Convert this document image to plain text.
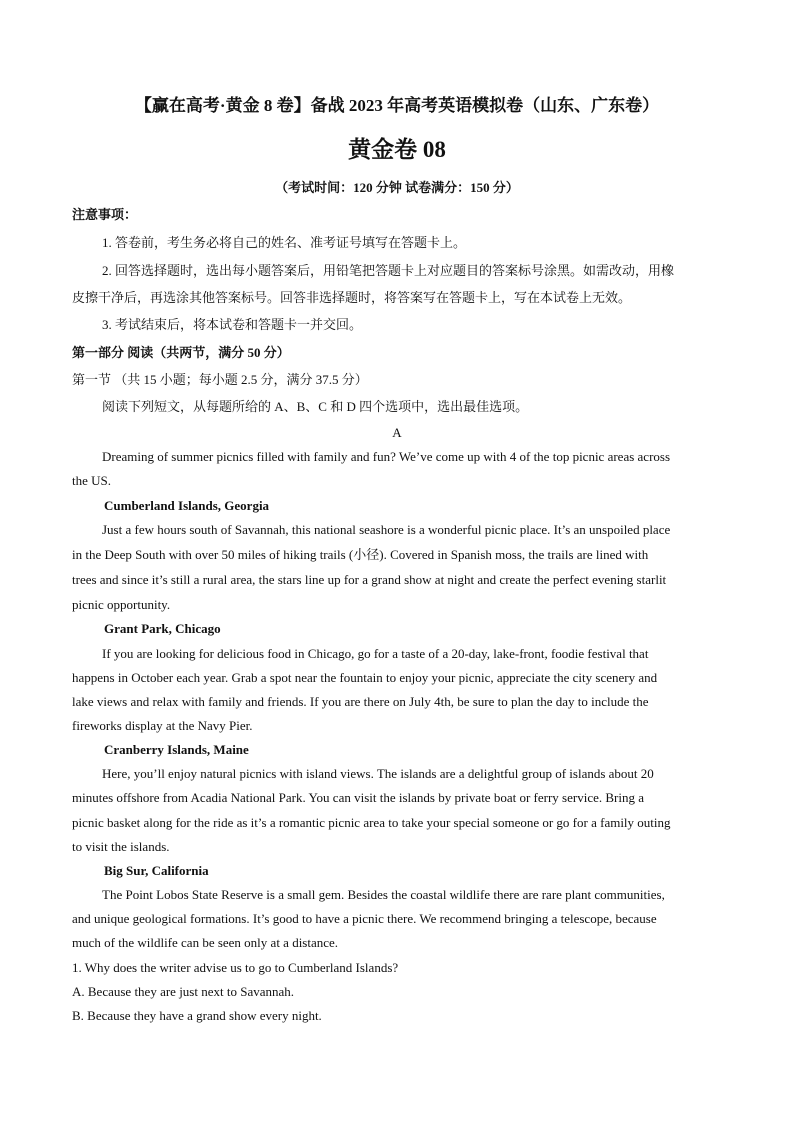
【赢在高考·黄金 8 卷】备战 2023 年高考英语模拟卷（山东、广东卷）
黄金卷 08
（考试时间：120 分钟 试卷满分：150 分）
注意事项：
1. 答卷前，考生务必将自己的姓名、准考证号填写在答题卡上。
2. 回答选择题时，选出每小题答案后，用铅笔把答题卡上对应题目的答案标号涂黑。如需改动，用橡
皮擦干净后，再选涂其他答案标号。回答非选择题时，将答案写在答题卡上，写在本试卷上无效。
3. 考试结束后，将本试卷和答题卡一并交回。
第一部分 阅读（共两节，满分 50 分）
第一节 （共 15 小题；每小题 2.5 分，满分 37.5 分）
阅读下列短文，从每题所给的 A、B、C 和 D 四个选项中，选出最佳选项。
A
Dreaming of summer picnics filled with family and fun? We’ve come up with 4 of the top picnic areas across
the US.
Cumberland Islands, Georgia
Just a few hours south of Savannah, this national seashore is a wonderful picnic place. It’s an unspoiled place
in the Deep South with over 50 miles of hiking trails (小径). Covered in Spanish moss, the trails are lined with
trees and since it’s still a rural area, the stars line up for a grand show at night and create the perfect evening starlit
picnic opportunity.
Grant Park, Chicago
If you are looking for delicious food in Chicago, go for a taste of a 20-day, lake-front, foodie festival that
happens in October each year. Grab a spot near the fountain to enjoy your picnic, appreciate the city scenery and
lake views and relax with family and friends. If you are there on July 4th, be sure to plan the day to include the
fireworks display at the Navy Pier.
Cranberry Islands, Maine
Here, you’ll enjoy natural picnics with island views. The islands are a delightful group of islands about 20
minutes offshore from Acadia National Park. You can visit the islands by private boat or ferry service. Bring a
picnic basket along for the ride as it’s a romantic picnic area to take your special someone or go for a family outing
to visit the islands.
Big Sur, California
The Point Lobos State Reserve is a small gem. Besides the coastal wildlife there are rare plant communities,
and unique geological formations. It’s good to have a picnic there. We recommend bringing a telescope, because
much of the wildlife can be seen only at a distance.
1. Why does the writer advise us to go to Cumberland Islands?
A. Because they are just next to Savannah.
B. Because they have a grand show every night.
